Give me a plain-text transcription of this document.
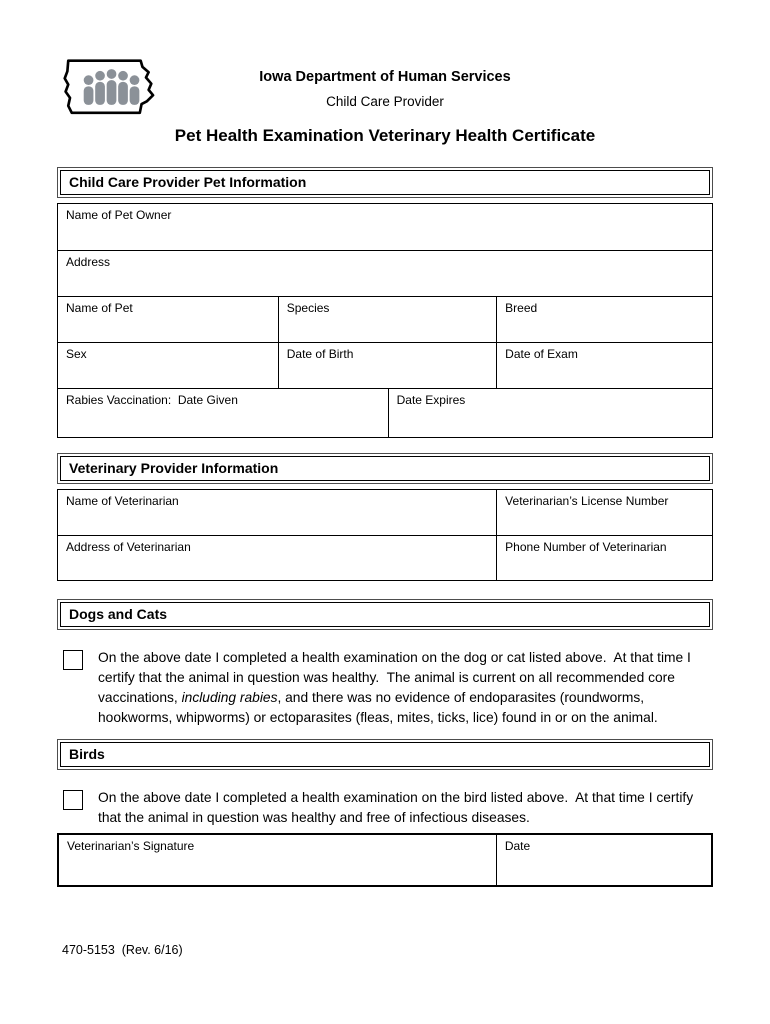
Iowa Department of Human Services
Child Care Provider
Pet Health Examination Veterinary Health Certificate
Child Care Provider Pet Information
Name of Pet Owner
Address
Name of Pet	Species	Breed
Sex	Date of Birth	Date of Exam
Rabies Vaccination:  Date Given	Date Expires
Veterinary Provider Information
Name of Veterinarian	Veterinarian’s License Number
Address of Veterinarian	Phone Number of Veterinarian
Dogs and Cats
On the above date I completed a health examination on the dog or cat listed above.  At that time I certify that the animal in question was healthy.  The animal is current on all recommended core vaccinations, including rabies, and there was no evidence of endoparasites (roundworms, hookworms, whipworms) or ectoparasites (fleas, mites, ticks, lice) found in or on the animal.
Birds
On the above date I completed a health examination on the bird listed above.  At that time I certify that the animal in question was healthy and free of infectious diseases.
Veterinarian’s Signature	Date
470-5153  (Rev. 6/16)
